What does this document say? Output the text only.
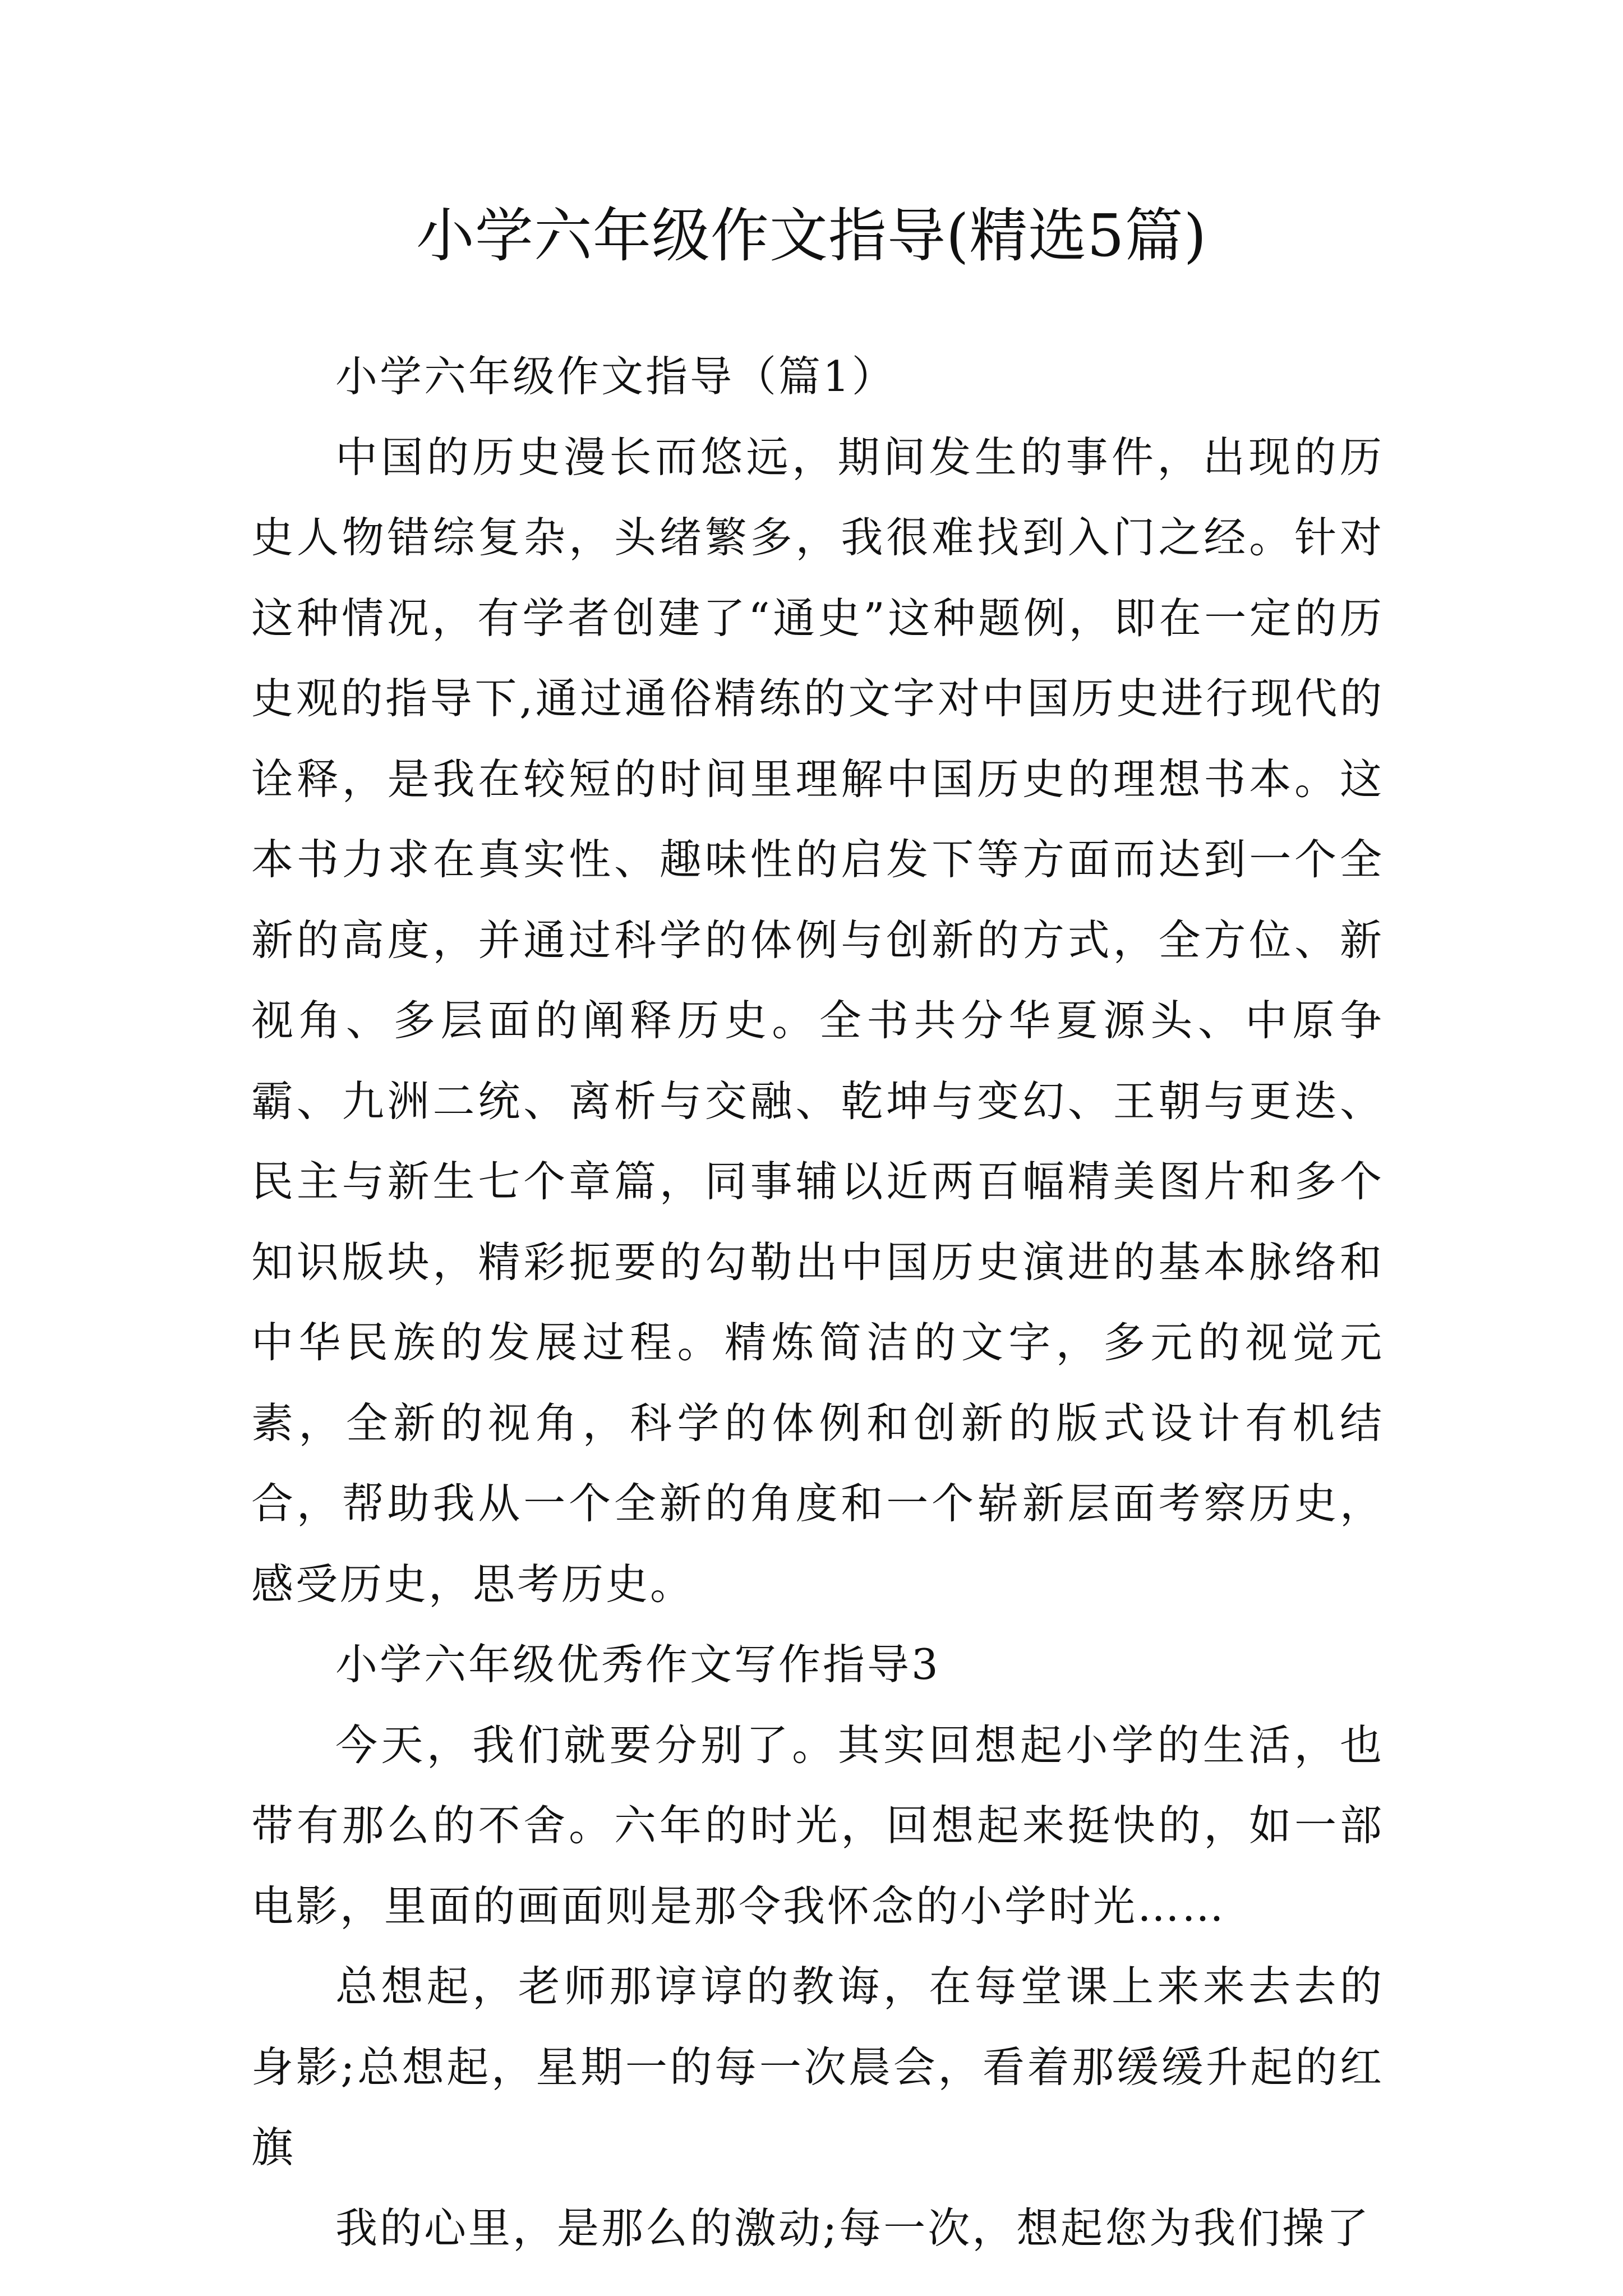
小学六年级作文指导(精选5篇)

小学六年级作文指导（篇1）

中国的历史漫长而悠远，期间发生的事件，出现的历史人物错综复杂，头绪繁多，我很难找到入门之经。针对这种情况，有学者创建了“通史”这种题例，即在一定的历史观的指导下,通过通俗精练的文字对中国历史进行现代的诠释，是我在较短的时间里理解中国历史的理想书本。这本书力求在真实性、趣味性的启发下等方面而达到一个全新的高度，并通过科学的体例与创新的方式，全方位、新视角、多层面的阐释历史。全书共分华夏源头、中原争霸、九洲二统、离析与交融、乾坤与变幻、王朝与更迭、民主与新生七个章篇，同事辅以近两百幅精美图片和多个知识版块，精彩扼要的勾勒出中国历史演进的基本脉络和中华民族的发展过程。精炼简洁的文字，多元的视觉元素，全新的视角，科学的体例和创新的版式设计有机结合，帮助我从一个全新的角度和一个崭新层面考察历史，感受历史，思考历史。

小学六年级优秀作文写作指导3

今天，我们就要分别了。其实回想起小学的生活，也带有那么的不舍。六年的时光，回想起来挺快的，如一部电影，里面的画面则是那令我怀念的小学时光……

总想起，老师那谆谆的教诲，在每堂课上来来去去的身影;总想起，星期一的每一次晨会，看着那缓缓升起的红旗

我的心里，是那么的激动;每一次，想起您为我们操了
